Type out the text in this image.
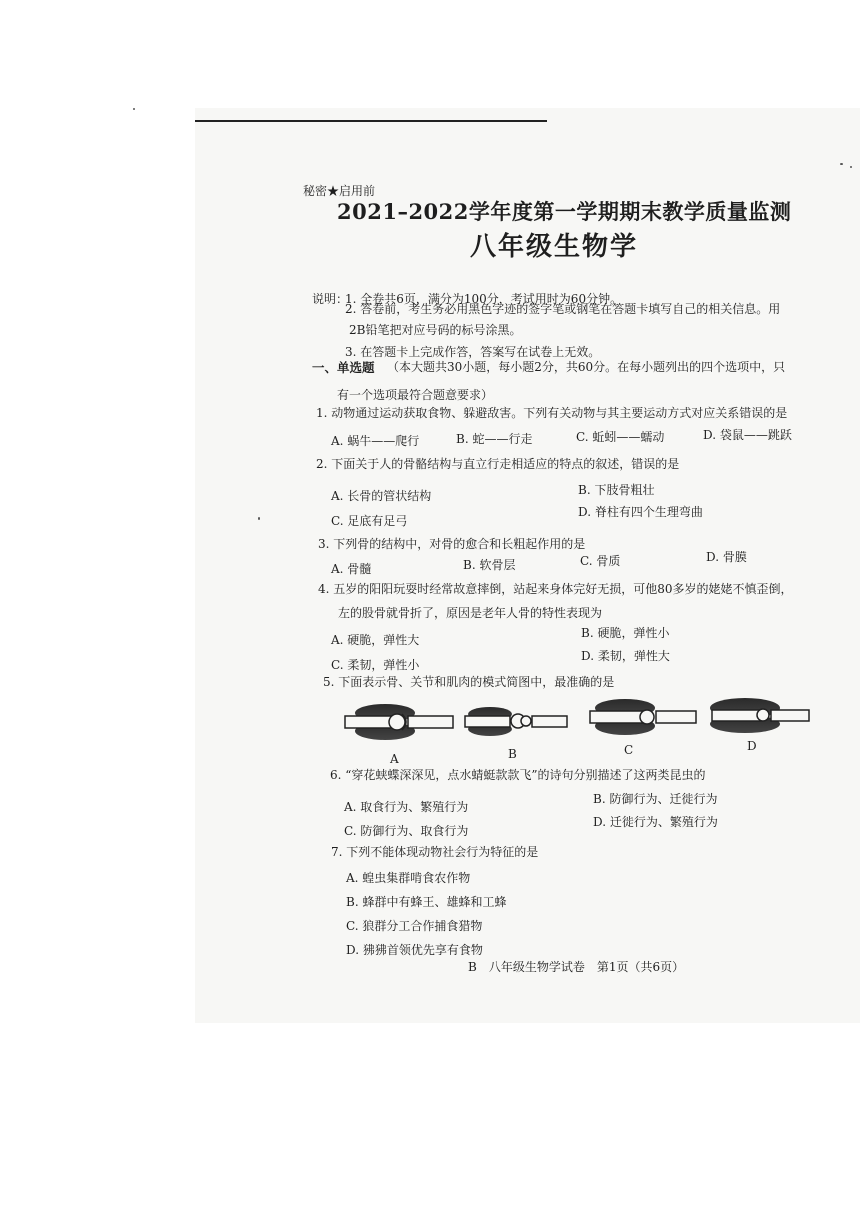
秘密★启用前
2021–2022学年度第一学期期末教学质量监测
八年级生物学
说明：
1. 全卷共6页，满分为100分，考试用时为60分钟。
2. 答卷前，考生务必用黑色字迹的签字笔或钢笔在答题卡填写自己的相关信息。用
2B铅笔把对应号码的标号涂黑。
3. 在答题卡上完成作答，答案写在试卷上无效。
一、单选题 （本大题共30小题，每小题2分，共60分。在每小题列出的四个选项中，只
有一个选项最符合题意要求）
1. 动物通过运动获取食物、躲避敌害。下列有关动物与其主要运动方式对应关系错误的是
A. 蜗牛——爬行	B. 蛇——行走	C. 蚯蚓——蠕动	D. 袋鼠——跳跃
2. 下面关于人的骨骼结构与直立行走相适应的特点的叙述，错误的是
A. 长骨的管状结构	B. 下肢骨粗壮
C. 足底有足弓
D. 脊柱有四个生理弯曲
3. 下列骨的结构中，对骨的愈合和长粗起作用的是
A. 骨髓	B. 软骨层	C. 骨质	D. 骨膜
4. 五岁的阳阳玩耍时经常故意摔倒，站起来身体完好无损，可他80多岁的姥姥不慎歪倒，
左的股骨就骨折了，原因是老年人骨的特性表现为
A. 硬脆，弹性大	B. 硬脆，弹性小
C. 柔韧，弹性小
D. 柔韧，弹性大
5. 下面表示骨、关节和肌肉的模式简图中，最准确的是
A	B	C	D
6. “穿花蛱蝶深深见，点水蜻蜓款款飞”的诗句分别描述了这两类昆虫的
A. 取食行为、繁殖行为
B. 防御行为、迁徙行为
C. 防御行为、取食行为
D. 迁徙行为、繁殖行为
7. 下列不能体现动物社会行为特征的是
A. 蝗虫集群啃食农作物
B. 蜂群中有蜂王、雄蜂和工蜂
C. 狼群分工合作捕食猎物
D. 狒狒首领优先享有食物
B　八年级生物学试卷　第1页（共6页）
